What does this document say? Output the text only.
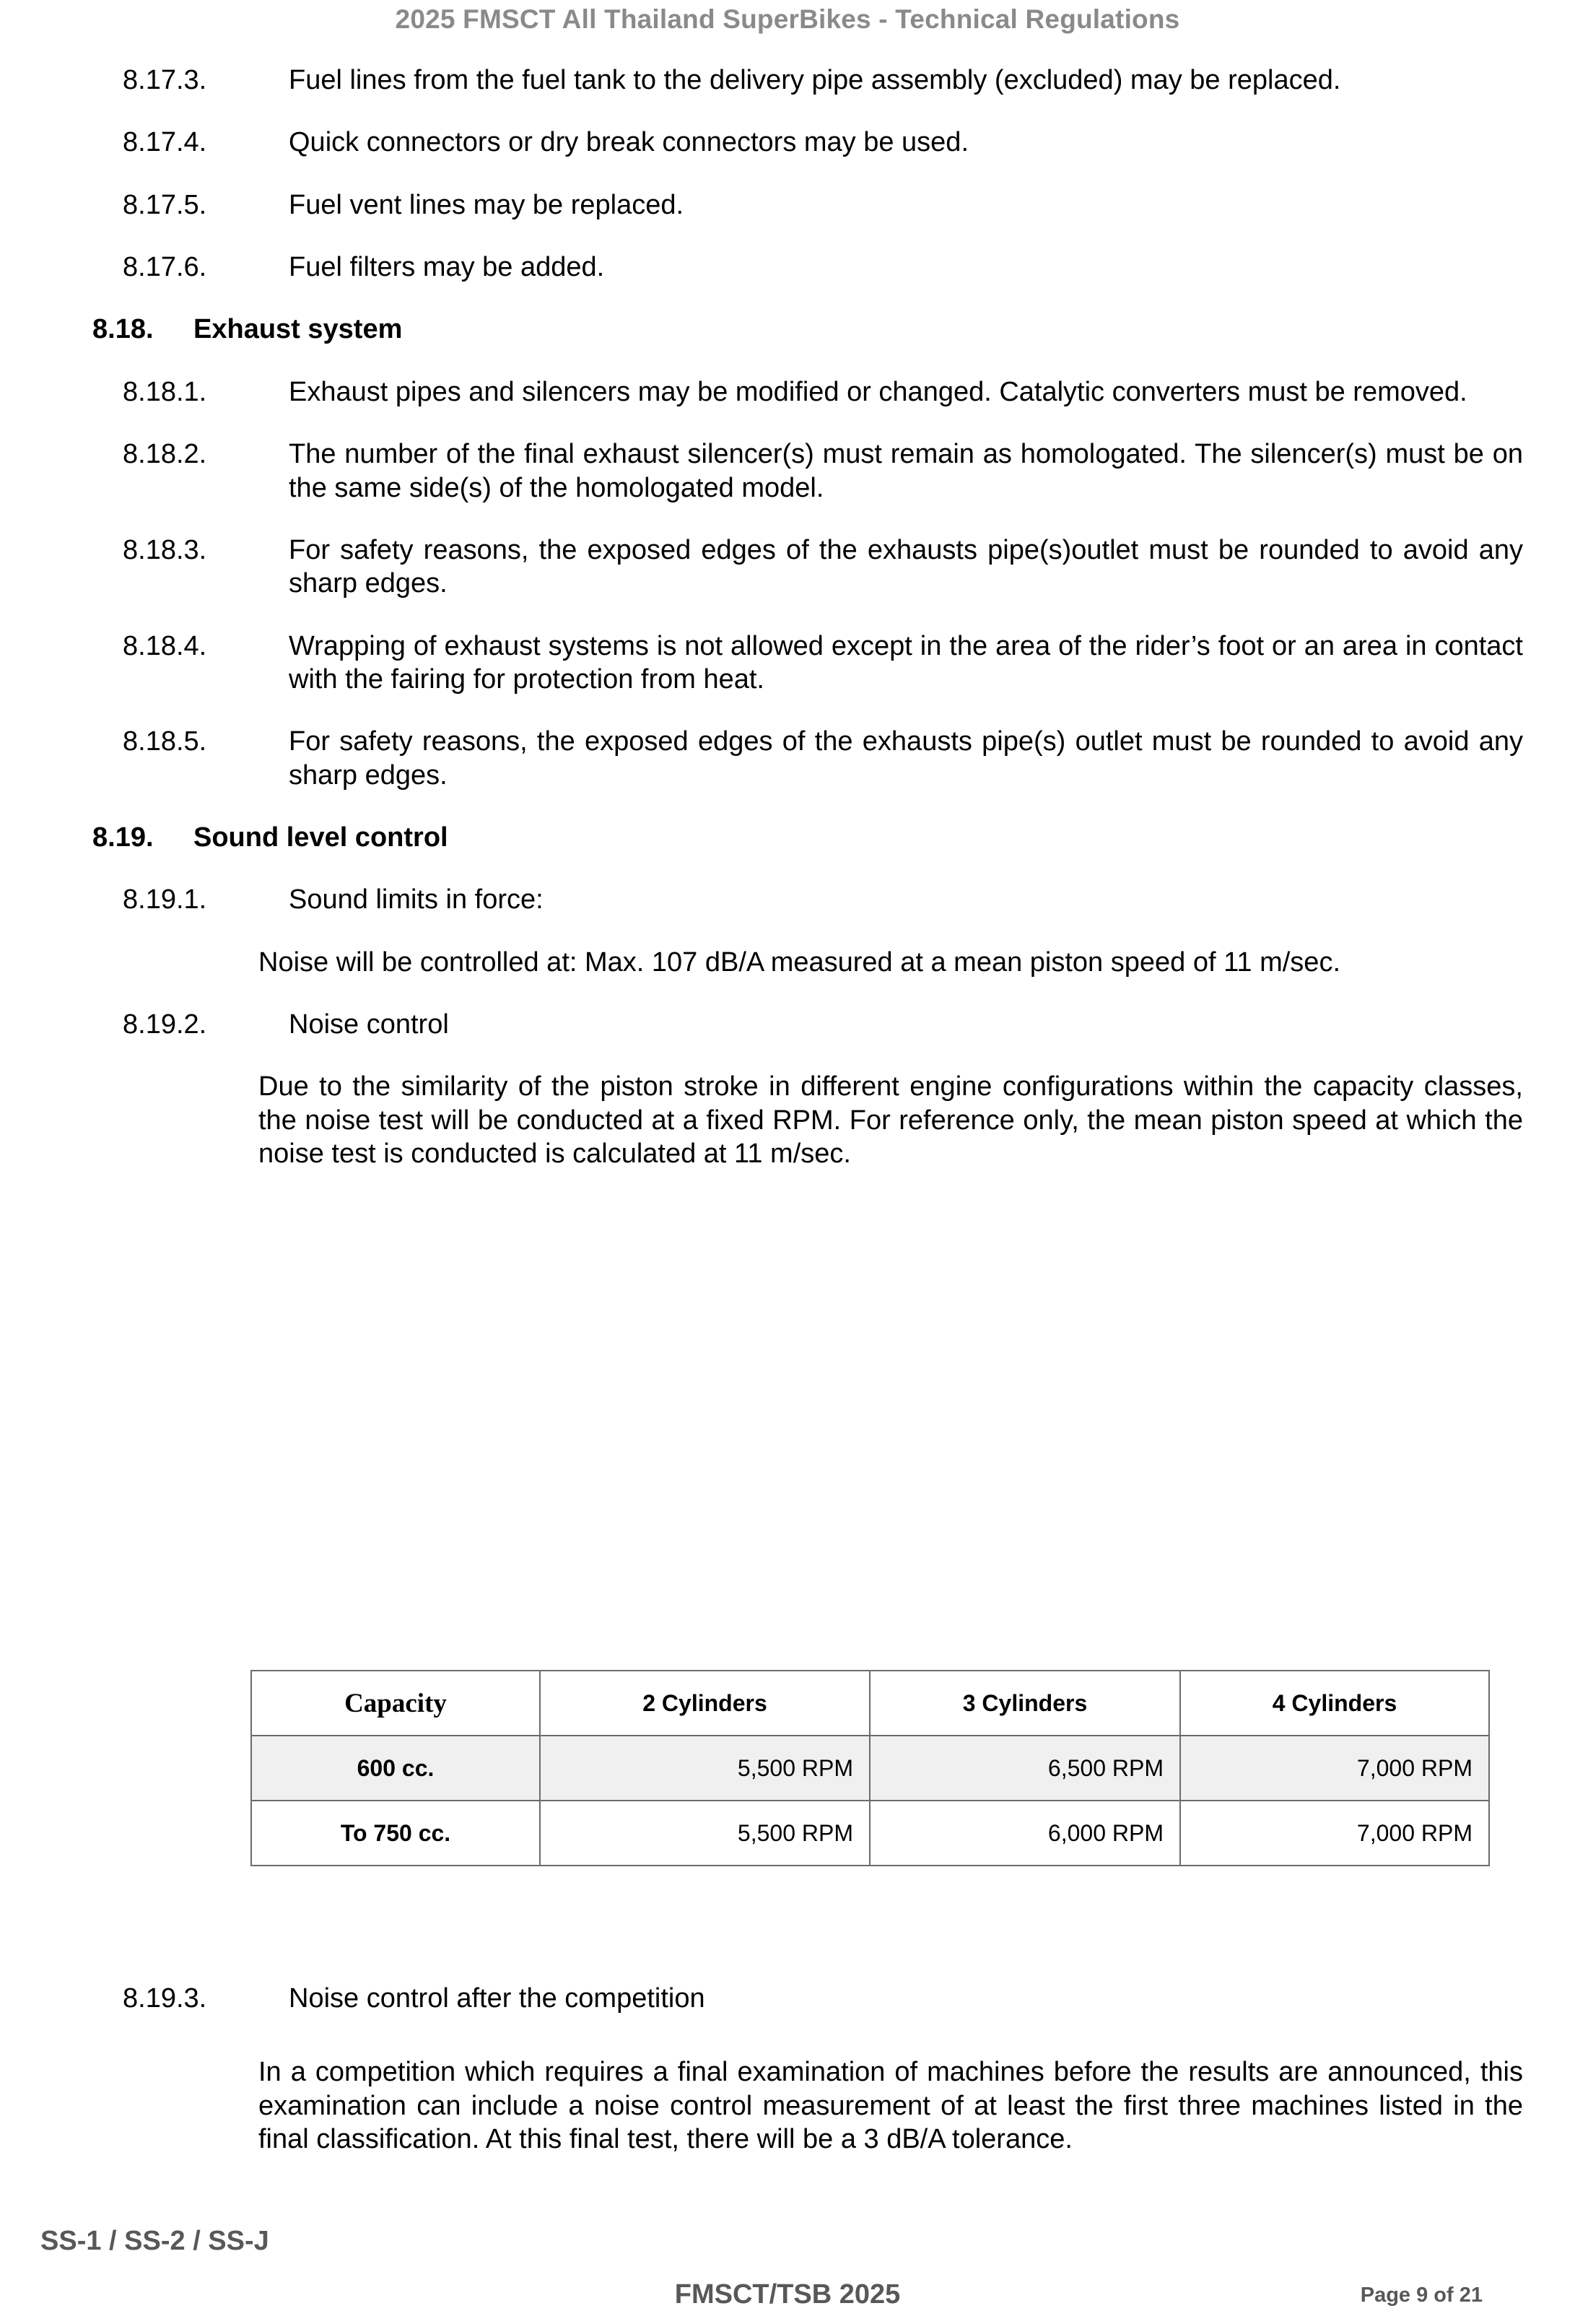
2025 FMSCT All Thailand SuperBikes - Technical Regulations
8.17.3.	Fuel lines from the fuel tank to the delivery pipe assembly (excluded) may be replaced.
8.17.4.	Quick connectors or dry break connectors may be used.
8.17.5.	Fuel vent lines may be replaced.
8.17.6.	Fuel filters may be added.
8.18. Exhaust system
8.18.1.	Exhaust pipes and silencers may be modified or changed. Catalytic converters must be removed.
8.18.2.	The number of the final exhaust silencer(s) must remain as homologated. The silencer(s) must be on the same side(s) of the homologated model.
8.18.3.	For safety reasons, the exposed edges of the exhausts pipe(s)outlet must be rounded to avoid any sharp edges.
8.18.4.	Wrapping of exhaust systems is not allowed except in the area of the rider’s foot or an area in contact with the fairing for protection from heat.
8.18.5.	For safety reasons, the exposed edges of the exhausts pipe(s) outlet must be rounded to avoid any sharp edges.
8.19. Sound level control
8.19.1.	Sound limits in force:
Noise will be controlled at: Max. 107 dB/A measured at a mean piston speed of 11 m/sec.
8.19.2.	Noise control
Due to the similarity of the piston stroke in different engine configurations within the capacity classes, the noise test will be conducted at a fixed RPM. For reference only, the mean piston speed at which the noise test is conducted is calculated at 11 m/sec.
Capacity	2 Cylinders	3 Cylinders	4 Cylinders
600 cc.	5,500 RPM	6,500 RPM	7,000 RPM
To 750 cc.	5,500 RPM	6,000 RPM	7,000 RPM
8.19.3.	Noise control after the competition
In a competition which requires a final examination of machines before the results are announced, this examination can include a noise control measurement of at least the first three machines listed in the final classification. At this final test, there will be a 3 dB/A tolerance.
SS-1 / SS-2 / SS-J
FMSCT/TSB 2025	Page 9 of 21
